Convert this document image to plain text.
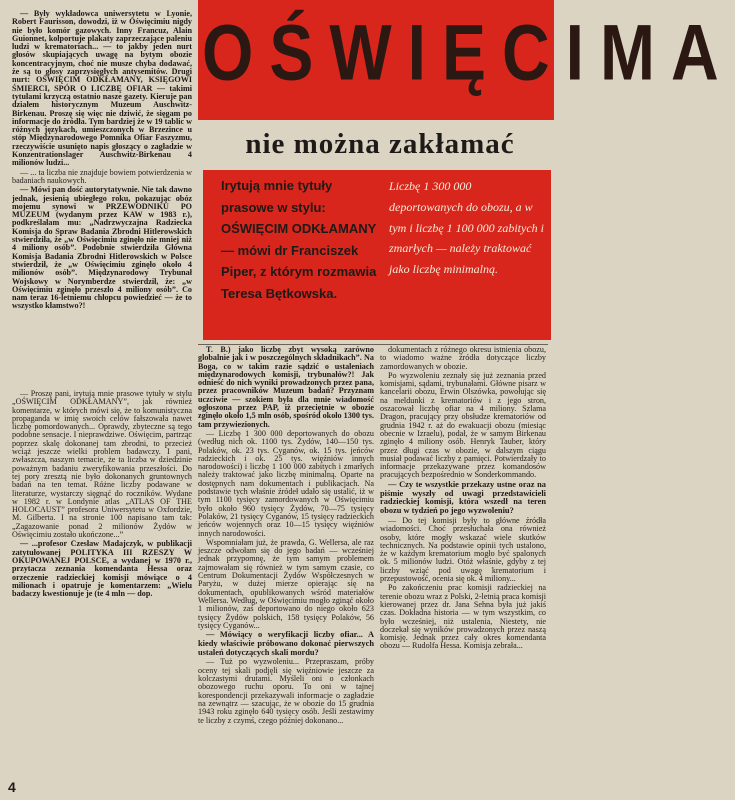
OŚWIĘCIMA
nie można zakłamać
Irytują mnie tytuły prasowe w stylu: OŚWIĘCIM ODKŁAMANY — mówi dr Franciszek Piper, z którym rozmawia Teresa Bętkowska.
Liczbę 1 300 000 deportowanych do obozu, a w tym i liczbę 1 100 000 zabitych i zmarłych — należy traktować jako liczbę minimalną.

— Były wykładowca uniwersytetu w Lyonie, Robert Faurisson, dowodzi, iż w Oświęcimiu nigdy nie było komór gazowych. Inny Francuz, Alain Guionnet, kolportuje plakaty zaprzeczające paleniu ludzi w krematoriach... — to jakby jeden nurt głosów skupiających uwagę na bytym obozie koncentracyjnym, choć nie musze chyba dodawać, że są to głosy zaprzysięgłych antysemitów. Drugi nurt: OŚWIĘCIM ODKŁAMANY, KSIĘGOWI ŚMIERCI, SPÓR O LICZBĘ OFIAR — takimi tytułami krzyczą ostatnio nasze gazety. Kieruje pan działem historycznym Muzeum Auschwitz-Birkenau. Proszę się więc nie dziwić, że sięgam po informacje do źródła. Tym bardziej że w 19 tablic w różnych językach, umieszczonych w Brzezince u stóp Międzynarodowego Pomnika Ofiar Faszyzmu, rzeczywiście usunięto napis głoszący o zagładzie w Konzentrationslager Auschwitz-Birkenau 4 milionów ludzi...

— ... ta liczba nie znajduje bowiem potwierdzenia w badaniach naukowych.

— Mówi pan dość autorytatywnie. Nie tak dawno jednak, jesienią ubiegłego roku, pokazując obóz mojemu synowi w PRZEWODNIKU PO MUZEUM (wydanym przez KAW w 1983 r.), podkreślałam mu: „Nadrzwyczajna Radziecka Komisja do Spraw Badania Zbrodni Hitlerowskich stwierdziła, że „w Oświęcimiu zginęło nie mniej niż 4 miliony osób”. Podobnie stwierdziła Główna Komisja Badania Zbrodni Hitlerowskich w Polsce stwierdził, że „w Oświęcimiu zginęło około 4 milionów osób”. Międzynarodowy Trybunał Wojskowy w Norymberdze stwierdził, że: „w Oświęcimiu zginęło przeszło 4 miliony osób”. Co nam teraz 16-letniemu chłopcu powiedzieć — że to wszystko kłamstwo?!

— Proszę pani, irytują mnie prasowe tytuły w stylu „OŚWIĘCIM ODKŁAMANY”, jak również komentarze, w których mówi się, że to komunistyczna propaganda w imię swoich celów fałszowała nawet liczbę pomordowanych... Oprawdy, zbyteczne są tego podobne sensacje. I nieprawdziwe. Oświęcim, partrząc poprzez skalę dokonanej tam zbrodni, to przecież wciąż jeszcze wielki problem badawczy. I pani, zwłaszcza, naszym temacie, że ta liczba w dziedzinie poważnym badaniu zweryfikowania przeszłości. Do tej pory zresztą nie było dokonanych gruntownych badań na ten temat. Różne liczby podawane w literaturze, wystarczy sięgnąć do roczników. Wydane w 1982 r. w Londynie atlas „ATLAS OF THE HOLOCAUST” profesora Uniwersytetu w Oxfordzie, M. Gilberta. I na stronie 100 napisano tam tak: „Zagazowanie ponad 2 milionów Żydów w Oświęcimiu zostało ukończone...”

— ...profesor Czesław Madajczyk, w publikacji zatytułowanej POLITYKA III RZESZY W OKUPOWANEJ POLSCE, a wydanej w 1970 r., przytacza zeznania komendanta Hessa oraz orzeczenie radzieckiej komisji mówiące o 4 milionach i opatruje je komentarzem: „Wielu badaczy kwestionuje je (te 4 mln — dop.

T. B.) jako liczbę zbyt wysoką zarówno globalnie jak i w poszczególnych składnikach”. Na Boga, co w takim razie sądzić o ustaleniach międzynarodowych komisji, trybunałów?! Jak odnieść do nich wyniki prowadzonych przez pana, przez pracowników Muzeum badań? Przyznam uczciwie — szokiem była dla mnie wiadomość ogłoszona przez PAP, iż przeciętnie w obozie zginęło około 1,5 mln osób, spośród około 1300 tys. tam przywiezionych.

— Liczbę 1 300 000 deportowanych do obozu (według nich ok. 1100 tys. Żydów, 140—150 tys. Polaków, ok. 23 tys. Cyganów, ok. 15 tys. jeńców radzieckich i ok. 25 tys. więźniów innych narodowości) i liczbę 1 100 000 zabitych i zmarłych należy traktować jako liczbę minimalną. Oparte na dostępnych nam dokumentach i publikacjach. Na podstawie tych właśnie źródeł udało się ustalić, iż w tym 1100 tysięcy zamordowanych w Oświęcimiu było około 960 tysięcy Żydów, 70—75 tysięcy Polaków, 21 tysięcy Cyganów, 15 tysięcy radzieckich jeńców wojennych oraz 10—15 tysięcy więźniów innych narodowości.

Wspomniałam już, że prawda, G. Wellersa, ale raz jeszcze odwołam się do jego badań — wcześniej jednak przypomnę, że tym samym problemem zajmowałam się również w tym samym czasie, co Centrum Dokumentacji Żydów Współczesnych w Paryżu, w dużej mierze opierając się na dokumentach, opublikowanych wśród materiałów Wellersa. Według, w Oświęcimiu mogło zginąć około 1 milionów, zaś deportowano do niego około 623 tysięcy Żydów polskich, 158 tysięcy Polaków, 56 tysięcy Cyganów...

— Mówiący o weryfikacji liczby ofiar... A kiedy właściwie próbowano dokonać pierwszych ustaleń dotyczących skali mordu?

— Tuż po wyzwoleniu... Przepraszam, próby oceny tej skali podjęli się więźniowie jeszcze za kolczastymi drutami. Myśleli oni o członkach obozowego ruchu oporu. To oni w tajnej korespondencji przekazywali informacje o zagładzie na zewnątrz — szacując, że w obozie do 15 grudnia 1943 roku zginęło 640 tysięcy osób. Jeśli zestawimy te liczby z czymś, czego później dokonano...

dokumentach z różnego okresu istnienia obozu, to wiadomo ważne źródła dotyczące liczby zamordowanych w obozie.

Po wyzwoleniu zeznały się już zeznania przed komisjami, sądami, trybunałami. Główne pisarz w kancelarii obozu, Erwin Olszówka, powołując się na meldunki z krematoriów i z jego stron, oszacował liczbę ofiar na 4 miliony. Szlama Dragon, pracujący przy obsłudze krematoriów od grudnia 1942 r. aż do ewakuacji obozu (miesiąc obecnie w Izraelu), podał, że w samym Birkenau zginęło 4 miliony osób. Henryk Tauber, który przez długi czas w obozie, w dalszym ciągu musiał podawać liczby z pamięci. Potwierdzały to informacje przekazywane przez komandosów pracujących bezpośrednio w Sonderkommando.

— Czy te wszystkie przekazy ustne oraz na piśmie wyszły od uwagi przedstawicieli radzieckiej komisji, która wszedł na teren obozu w tydzień po jego wyzwoleniu?

— Do tej komisji były to główne źródła wiadomości. Choć przesłuchała ona również osoby, które mogły wskazać wiele skutków technicznych. Na podstawie opinii tych ustalono, że w każdym krematorium mogło być spalonych ok. 5 milionów ludzi. Otóż właśnie, gdyby z tej liczby wziąć pod uwagę krematorium i przepustowość, ocenia się ok. 4 miliony...

Po zakończeniu prac komisji radzieckiej na terenie obozu wraz z Polski, 2-letnią praca komisji kierowanej przez dr. Jana Sehna była już jakiś czas. Dokładna historia — w tym wszystkim, co było wcześniej, niż ustalenia, Niestety, nie doczekał się wyników prowadzonych przez naszą komisję. Jednak przez cały okres komendanta obozu — Rudolfa Hessa. Komisja zebrała...

4
